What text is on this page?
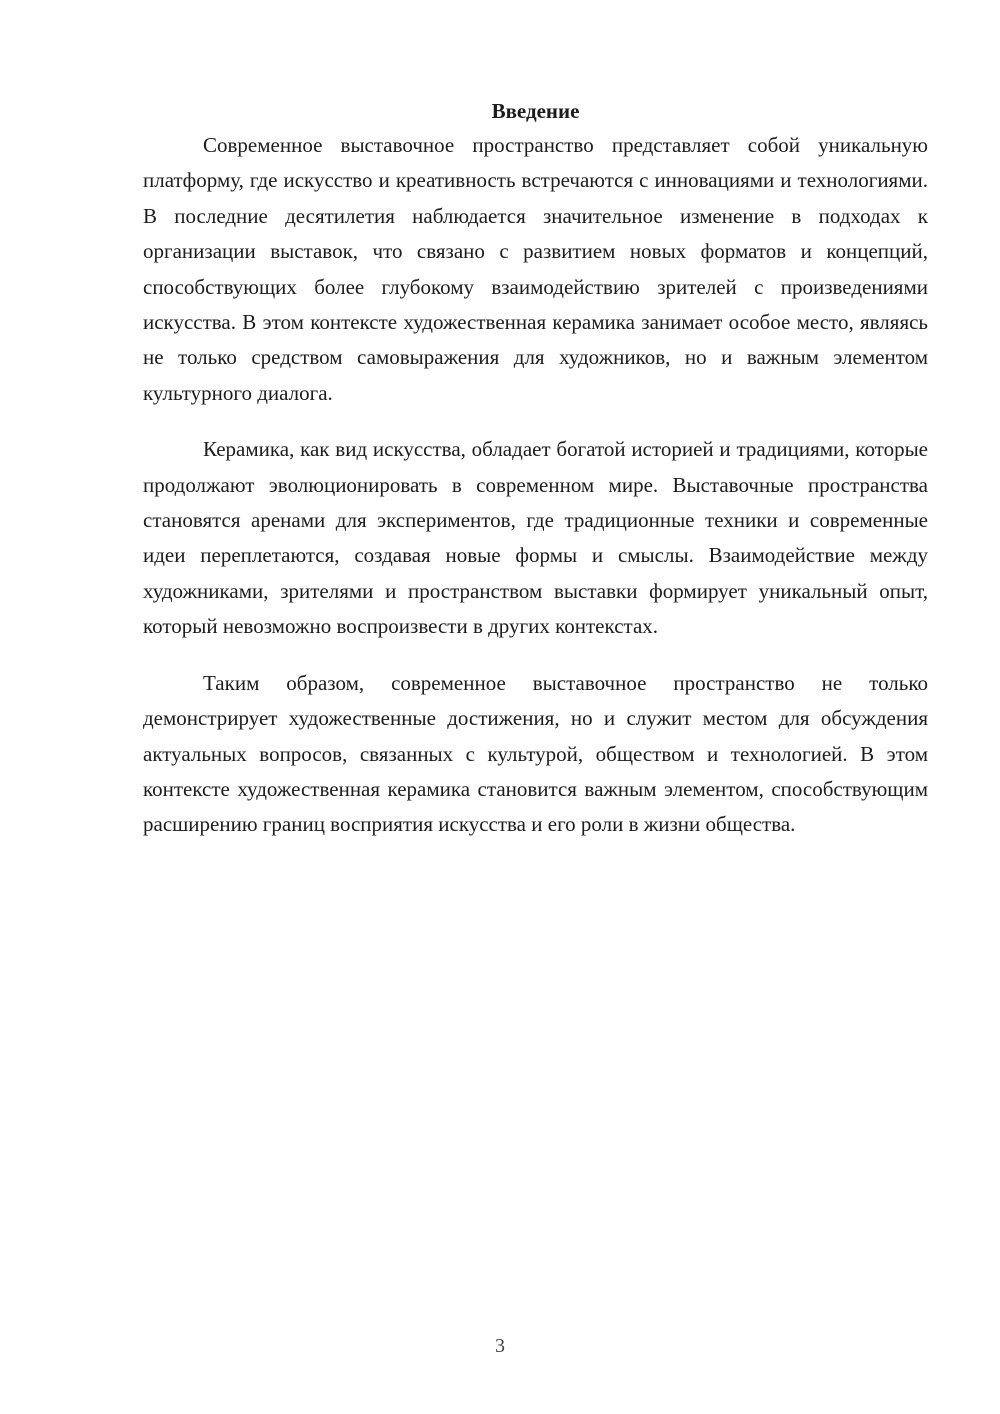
Введение

Современное выставочное пространство представляет собой уникальную платформу, где искусство и креативность встречаются с инновациями и технологиями. В последние десятилетия наблюдается значительное изменение в подходах к организации выставок, что связано с развитием новых форматов и концепций, способствующих более глубокому взаимодействию зрителей с произведениями искусства. В этом контексте художественная керамика занимает особое место, являясь не только средством самовыражения для художников, но и важным элементом культурного диалога.

Керамика, как вид искусства, обладает богатой историей и традициями, которые продолжают эволюционировать в современном мире. Выставочные пространства становятся аренами для экспериментов, где традиционные техники и современные идеи переплетаются, создавая новые формы и смыслы. Взаимодействие между художниками, зрителями и пространством выставки формирует уникальный опыт, который невозможно воспроизвести в других контекстах.

Таким образом, современное выставочное пространство не только демонстрирует художественные достижения, но и служит местом для обсуждения актуальных вопросов, связанных с культурой, обществом и технологией. В этом контексте художественная керамика становится важным элементом, способствующим расширению границ восприятия искусства и его роли в жизни общества.

3
